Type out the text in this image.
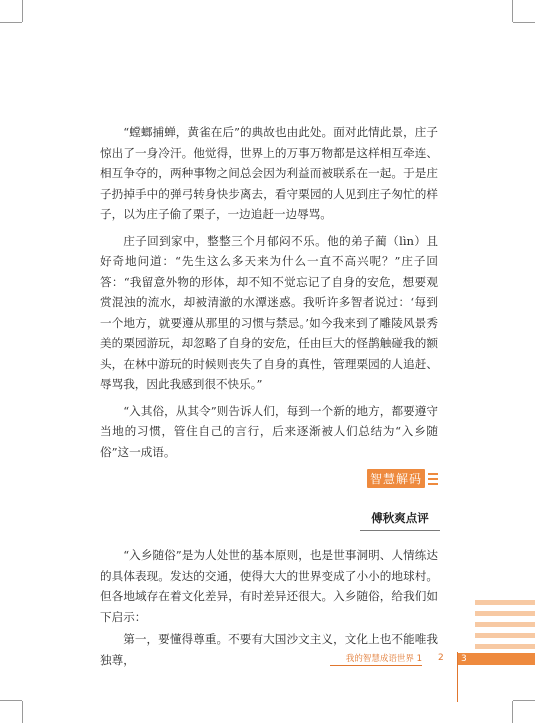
“螳螂捕蝉，黄雀在后”的典故也由此处。面对此情此景，庄子惊出了一身冷汗。他觉得，世界上的万事万物都是这样相互牵连、相互争夺的，两种事物之间总会因为利益而被联系在一起。于是庄子扔掉手中的弹弓转身快步离去，看守栗园的人见到庄子匆忙的样子，以为庄子偷了栗子，一边追赶一边辱骂。

庄子回到家中，整整三个月郁闷不乐。他的弟子蔺（lìn）且好奇地问道：“先生这么多天来为什么一直不高兴呢？”庄子回答：“我留意外物的形体，却不知不觉忘记了自身的安危，想要观赏混浊的流水，却被清澈的水潭迷惑。我听许多智者说过：‘每到一个地方，就要遵从那里的习惯与禁忌。’如今我来到了雕陵风景秀美的栗园游玩，却忽略了自身的安危，任由巨大的怪鹊触碰我的额头，在林中游玩的时候则丧失了自身的真性，管理栗园的人追赶、辱骂我，因此我感到很不快乐。”

“入其俗，从其令”则告诉人们，每到一个新的地方，都要遵守当地的习惯，管住自己的言行，后来逐渐被人们总结为“入乡随俗”这一成语。

智慧解码
傅秋爽点评

“入乡随俗”是为人处世的基本原则，也是世事洞明、人情练达的具体表现。发达的交通，使得大大的世界变成了小小的地球村。但各地域存在着文化差异，有时差异还很大。入乡随俗，给我们如下启示：

第一，要懂得尊重。不要有大国沙文主义，文化上也不能唯我独尊，	我的智慧成语世界 1 2	3
